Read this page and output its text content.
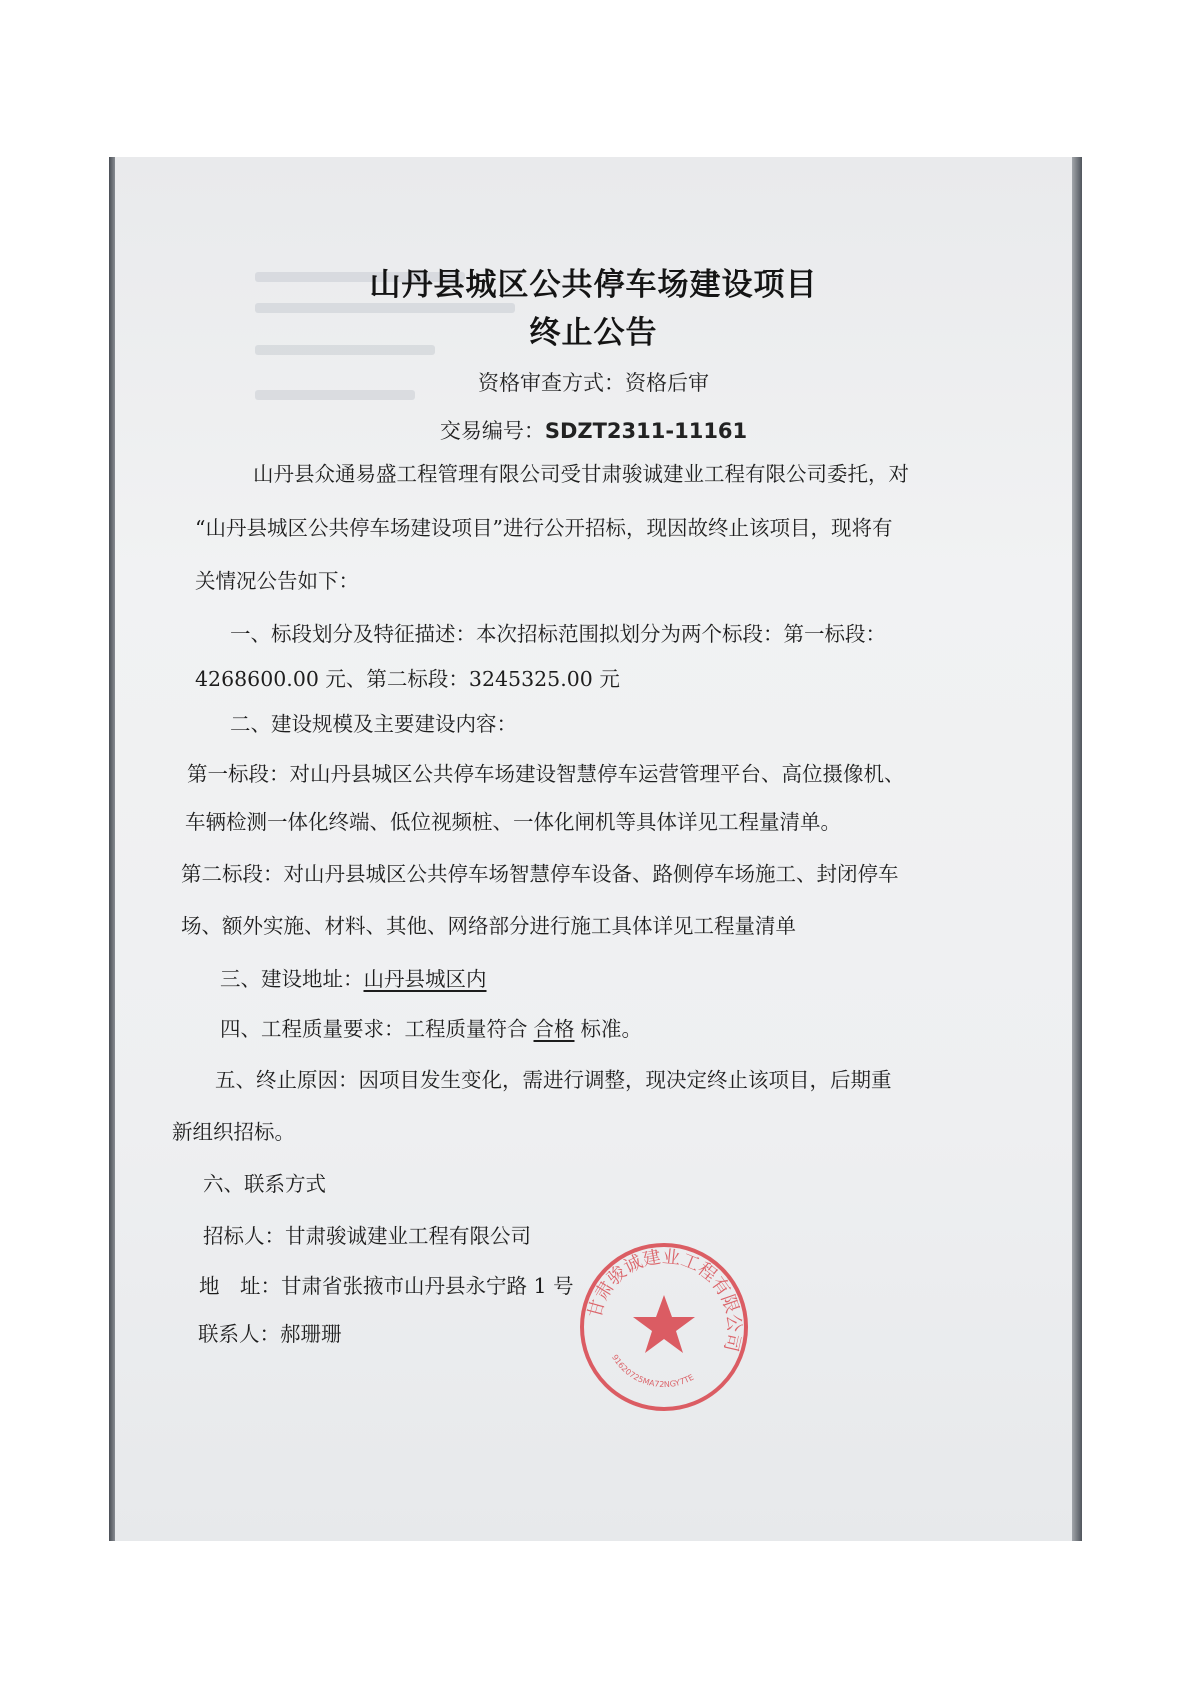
山丹县城区公共停车场建设项目
终止公告
资格审查方式：资格后审
交易编号：SDZT2311-11161
山丹县众通易盛工程管理有限公司受甘肃骏诚建业工程有限公司委托，对
“山丹县城区公共停车场建设项目”进行公开招标，现因故终止该项目，现将有
关情况公告如下：
一、标段划分及特征描述：本次招标范围拟划分为两个标段：第一标段：
4268600.00 元、第二标段：3245325.00 元
二、建设规模及主要建设内容：
第一标段：对山丹县城区公共停车场建设智慧停车运营管理平台、高位摄像机、
车辆检测一体化终端、低位视频桩、一体化闸机等具体详见工程量清单。
第二标段：对山丹县城区公共停车场智慧停车设备、路侧停车场施工、封闭停车
场、额外实施、材料、其他、网络部分进行施工具体详见工程量清单
三、建设地址：山丹县城区内
四、工程质量要求：工程质量符合 合格 标准。
五、终止原因：因项目发生变化，需进行调整，现决定终止该项目，后期重
新组织招标。
六、联系方式
招标人：甘肃骏诚建业工程有限公司
地　址：甘肃省张掖市山丹县永宁路 1 号
联系人：郝珊珊
甘肃骏诚建业工程有限公司
91620725MA72NGY7TE
